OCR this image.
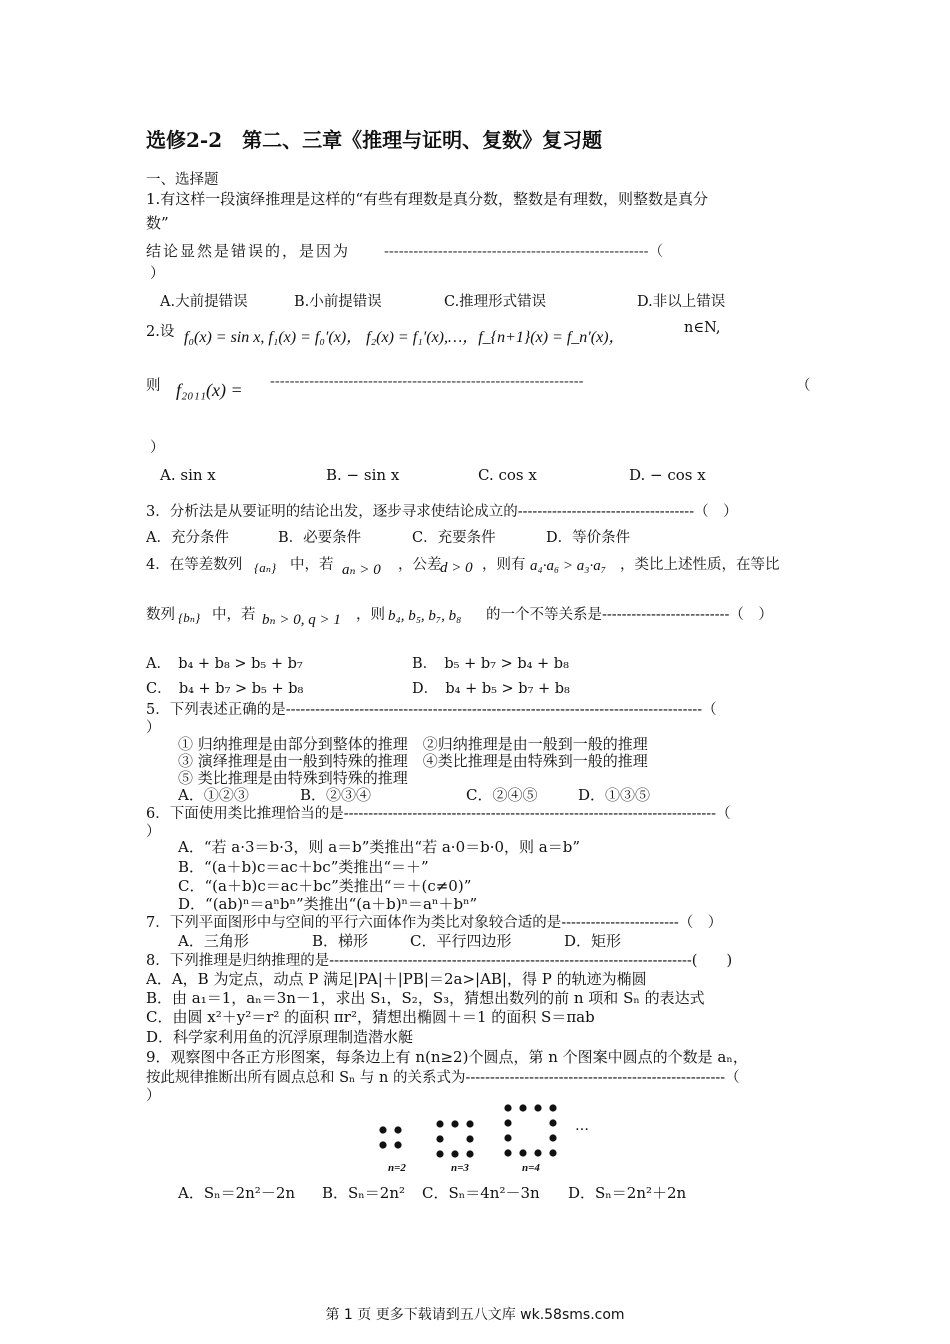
选修2-2　第二、三章《推理与证明、复数》复习题
一、选择题
1.有这样一段演绎推理是这样的“有些有理数是真分数，整数是有理数，则整数是真分
数”
结论显然是错误的，是因为 ------------------------------------------------------（
）
A.大前提错误	B.小前提错误	C.推理形式错误	D.非以上错误
2.设 f₀(x) = sin x, f₁(x) = f₀′(x)， f₂(x) = f₁′(x),…，f_{n+1}(x) = f_n′(x)，
n∈N,
则 f₂₀₁₁(x) = ----------------------------------------------------------------	（
）
A. sin x	B. − sin x	C. cos x	D. − cos x
3．分析法是从要证明的结论出发，逐步寻求使结论成立的------------------------------------（　）
A．充分条件	B．必要条件	C．充要条件	D．等价条件
4．在等差数列 {aₙ} 中，若 aₙ > 0 ，公差
d > 0 ，则有 a₄·a₆ > a₃·a₇ ，类比上述性质，在等比
数列 {bₙ} 中，若 bₙ > 0, q > 1 ，则 b₄, b₅, b₇, b₈ 的一个不等关系是--------------------------（　）
A．　b₄ + b₈ > b₅ + b₇	B．　b₅ + b₇ > b₄ + b₈
C．　b₄ + b₇ > b₅ + b₈	D．　b₄ + b₅ > b₇ + b₈
5．下列表述正确的是-------------------------------------------------------------------------------------（
）
① 归纳推理是由部分到整体的推理　②归纳推理是由一般到一般的推理
③ 演绎推理是由一般到特殊的推理　④类比推理是由特殊到一般的推理
⑤ 类比推理是由特殊到特殊的推理
A．①②③	B．②③④	C．②④⑤	D．①③⑤
6．下面使用类比推理恰当的是----------------------------------------------------------------------------（
）
A．“若 a·3＝b·3，则 a＝b”类推出“若 a·0＝b·0，则 a＝b”
B．“(a＋b)c＝ac＋bc”类推出“＝＋”
C．“(a＋b)c＝ac＋bc”类推出“＝＋(c≠0)”
D．“(ab)ⁿ＝aⁿbⁿ”类推出“(a＋b)ⁿ＝aⁿ＋bⁿ”
7．下列平面图形中与空间的平行六面体作为类比对象较合适的是------------------------（　）
A．三角形	B．梯形	C．平行四边形	D．矩形
8．下列推理是归纳推理的是--------------------------------------------------------------------------(　　)
A．A，B 为定点，动点 P 满足|PA|＋|PB|＝2a>|AB|，得 P 的轨迹为椭圆
B．由 a₁＝1，aₙ＝3n－1，求出 S₁，S₂，S₃，猜想出数列的前 n 项和 Sₙ 的表达式
C．由圆 x²＋y²＝r² 的面积 πr²，猜想出椭圆＋＝1 的面积 S＝πab
D．科学家利用鱼的沉浮原理制造潜水艇
9．观察图中各正方形图案，每条边上有 n(n≥2)个圆点，第 n 个图案中圆点的个数是 aₙ，
按此规律推断出所有圆点总和 Sₙ 与 n 的关系式为-----------------------------------------------------（
）
…
n=2	n=3	n=4
A．Sₙ＝2n²－2n B．Sₙ＝2n² C．Sₙ＝4n²－3n D．Sₙ＝2n²＋2n
第 1 页 更多下载请到五八文库 wk.58sms.com
